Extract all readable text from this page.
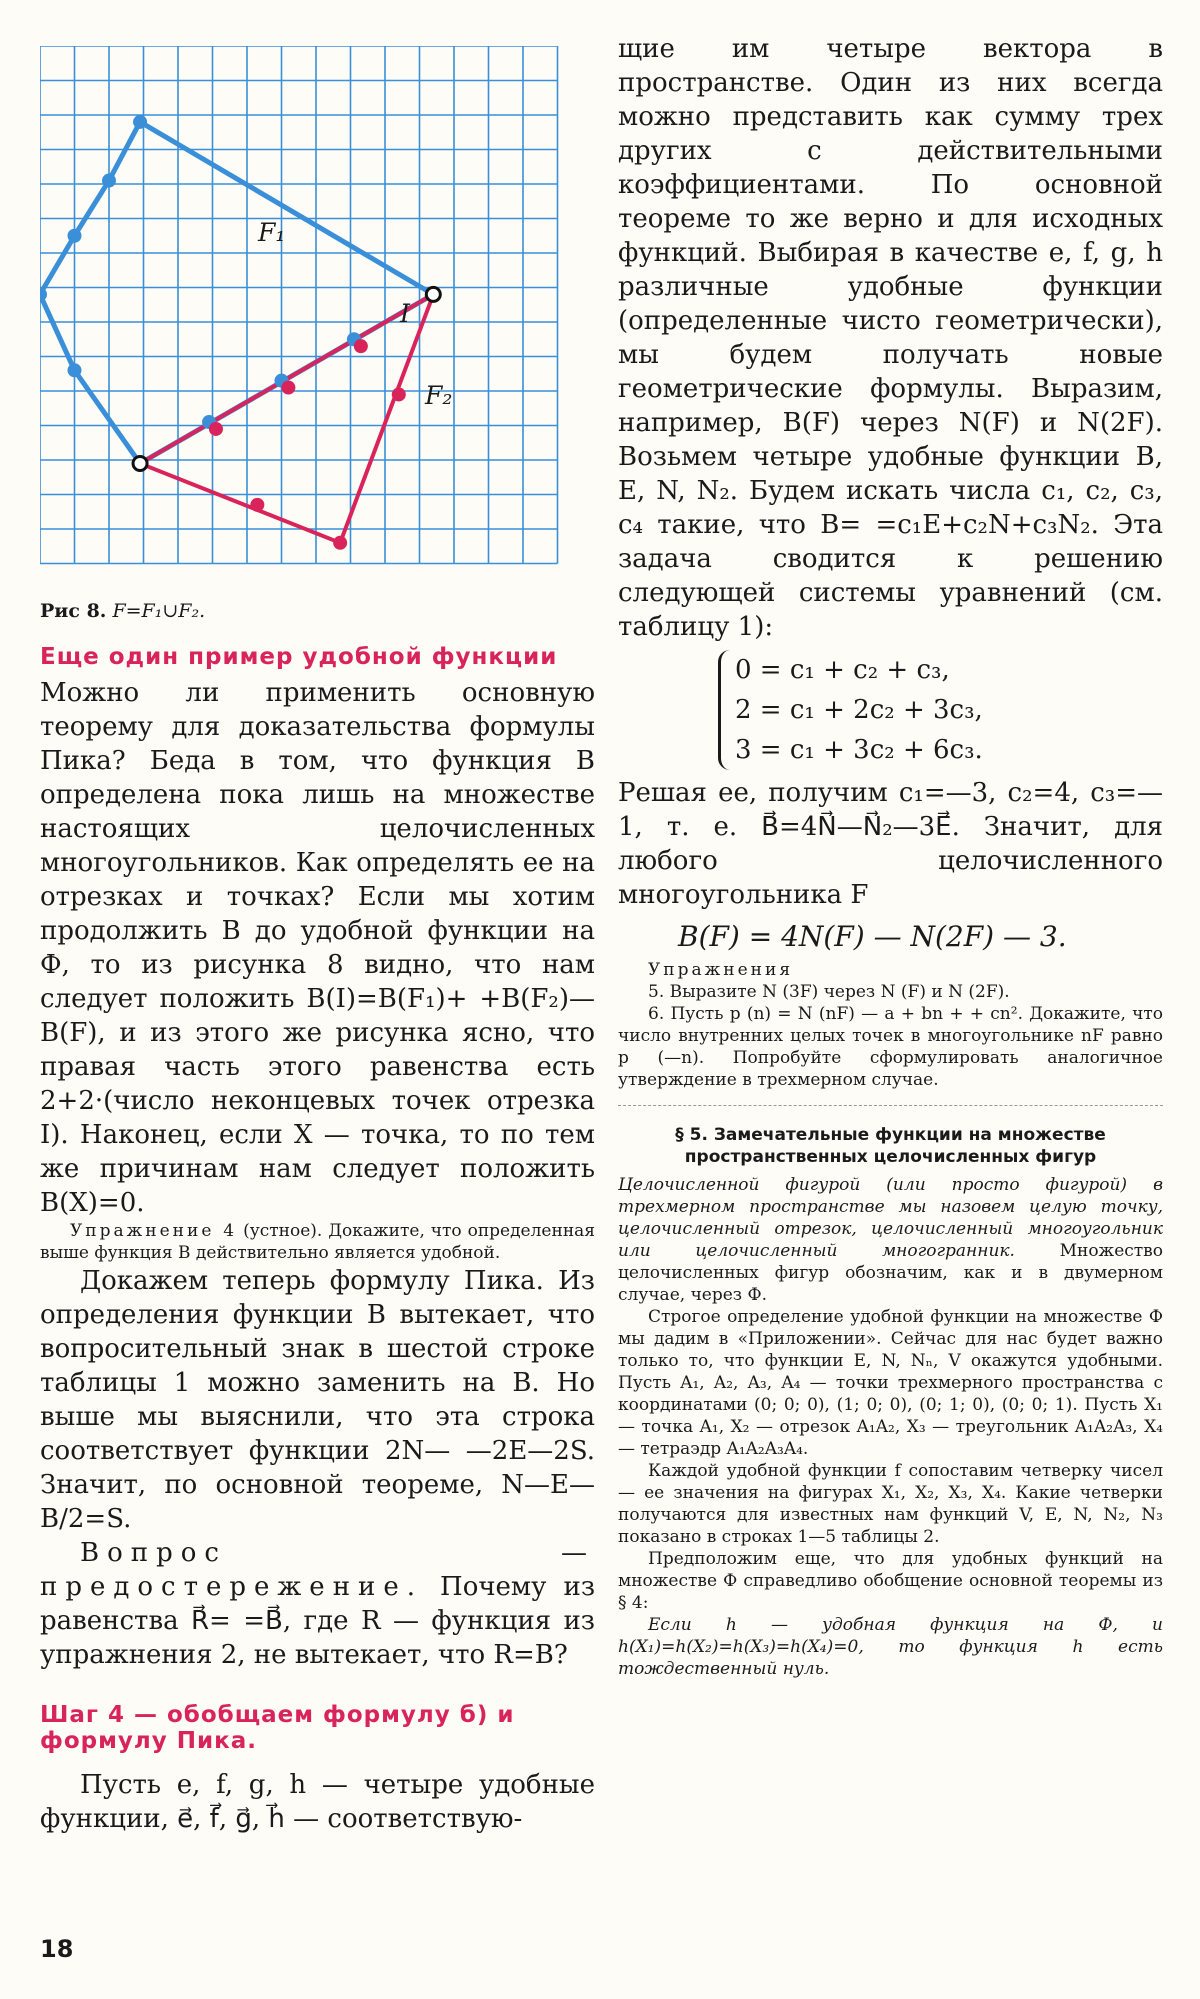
F₁
I
F₂
Рис 8. F=F₁∪F₂.
Еще один пример удобной функции

Можно ли применить основную теорему для доказательства формулы Пика? Беда в том, что функция B определена пока лишь на множестве настоящих целочисленных многоугольников. Как определять ее на отрезках и точках? Если мы хотим продолжить B до удобной функции на Ф, то из рисунка 8 видно, что нам следует положить B(I)=B(F₁)+ +B(F₂)—B(F), и из этого же рисунка ясно, что правая часть этого равенства есть 2+2·(число неконцевых точек отрезка I). Наконец, если X — точка, то по тем же причинам нам следует положить B(X)=0.

Упражнение 4 (устное). Докажите, что определенная выше функция B действительно является удобной.

Докажем теперь формулу Пика. Из определения функции B вытекает, что вопросительный знак в шестой строке таблицы 1 можно заменить на B. Но выше мы выяснили, что эта строка соответствует функции 2N— —2E—2S. Значит, по основной теореме, N—E— B/2=S.

Вопрос — предостережение. Почему из равенства R⃗= =B⃗, где R — функция из упражнения 2, не вытекает, что R=B?

Шаг 4 — обобщаем формулу б) и формулу Пика.

Пусть e, f, g, h — четыре удобные функции, e⃗, f⃗, g⃗, h⃗ — соответствую-

щие им четыре вектора в пространстве. Один из них всегда можно представить как сумму трех других с действительными коэффициентами. По основной теореме то же верно и для исходных функций. Выбирая в качестве e, f, g, h различные удобные функции (определенные чисто геометрически), мы будем получать новые геометрические формулы. Выразим, например, B(F) через N(F) и N(2F). Возьмем четыре удобные функции B, E, N, N₂. Будем искать числа c₁, c₂, c₃, c₄ такие, что B= =c₁E+c₂N+c₃N₂. Эта задача сводится к решению следующей системы уравнений (см. таблицу 1):

0 = c₁ + c₂ + c₃,
2 = c₁ + 2c₂ + 3c₃,
3 = c₁ + 3c₂ + 6c₃.

Решая ее, получим c₁=—3, c₂=4, c₃=—1, т. е. B⃗=4N⃗—N⃗₂—3E⃗. Значит, для любого целочисленного многоугольника F

B(F) = 4N(F) — N(2F) — 3.

Упражнения

5. Выразите N (3F) через N (F) и N (2F).

6. Пусть p (n) = N (nF) — a + bn + + cn². Докажите, что число внутренних целых точек в многоугольнике nF равно p (—n). Попробуйте сформулировать аналогичное утверждение в трехмерном случае.

§ 5. Замечательные функции на множестве пространственных целочисленных фигур

Целочисленной фигурой (или просто фигурой) в трехмерном пространстве мы назовем целую точку, целочисленный отрезок, целочисленный многоугольник или целочисленный многогранник. Множество целочисленных фигур обозначим, как и в двумерном случае, через Ф.

Строгое определение удобной функции на множестве Ф мы дадим в «Приложении». Сейчас для нас будет важно только то, что функции E, N, Nₙ, V окажутся удобными. Пусть A₁, A₂, A₃, A₄ — точки трехмерного пространства с координатами (0; 0; 0), (1; 0; 0), (0; 1; 0), (0; 0; 1). Пусть X₁ — точка A₁, X₂ — отрезок A₁A₂, X₃ — треугольник A₁A₂A₃, X₄ — тетраэдр A₁A₂A₃A₄.

Каждой удобной функции f сопоставим четверку чисел — ее значения на фигурах X₁, X₂, X₃, X₄. Какие четверки получаются для известных нам функций V, E, N, N₂, N₃ показано в строках 1—5 таблицы 2.

Предположим еще, что для удобных функций на множестве Ф справедливо обобщение основной теоремы из § 4:

Если h — удобная функция на Ф, и h(X₁)=h(X₂)=h(X₃)=h(X₄)=0, то функция h есть тождественный нуль.

18
